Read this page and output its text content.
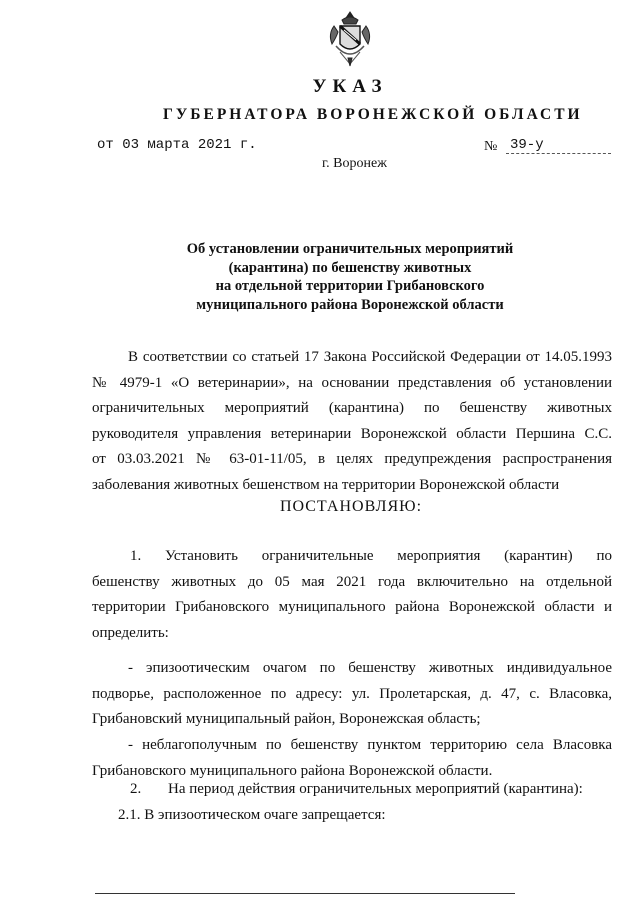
УКАЗ
ГУБЕРНАТОРА ВОРОНЕЖСКОЙ ОБЛАСТИ
от 03 марта 2021 г.	№ 39-у
г. Воронеж
Об установлении ограничительных мероприятий
(карантина) по бешенству животных
на отдельной территории Грибановского
муниципального района Воронежской области
В соответствии со статьей 17 Закона Российской Федерации от 14.05.1993
№ 4979-1 «О ветеринарии», на основании представления об установлении
ограничительных мероприятий (карантина) по бешенству животных
руководителя управления ветеринарии Воронежской области Першина С.С.
от 03.03.2021 № 63-01-11/05, в целях предупреждения распространения
заболевания животных бешенством на территории Воронежской области
ПОСТАНОВЛЯЮ:
1. Установить ограничительные мероприятия (карантин) по
бешенству животных до 05 мая 2021 года включительно на отдельной
территории Грибановского муниципального района Воронежской области и
определить:
- эпизоотическим очагом по бешенству животных индивидуальное
подворье, расположенное по адресу: ул. Пролетарская, д. 47, с. Власовка,
Грибановский муниципальный район, Воронежская область;
- неблагополучным по бешенству пунктом территорию села Власовка
Грибановского муниципального района Воронежской области.
2. На период действия ограничительных мероприятий (карантина):
2.1. В эпизоотическом очаге запрещается:
